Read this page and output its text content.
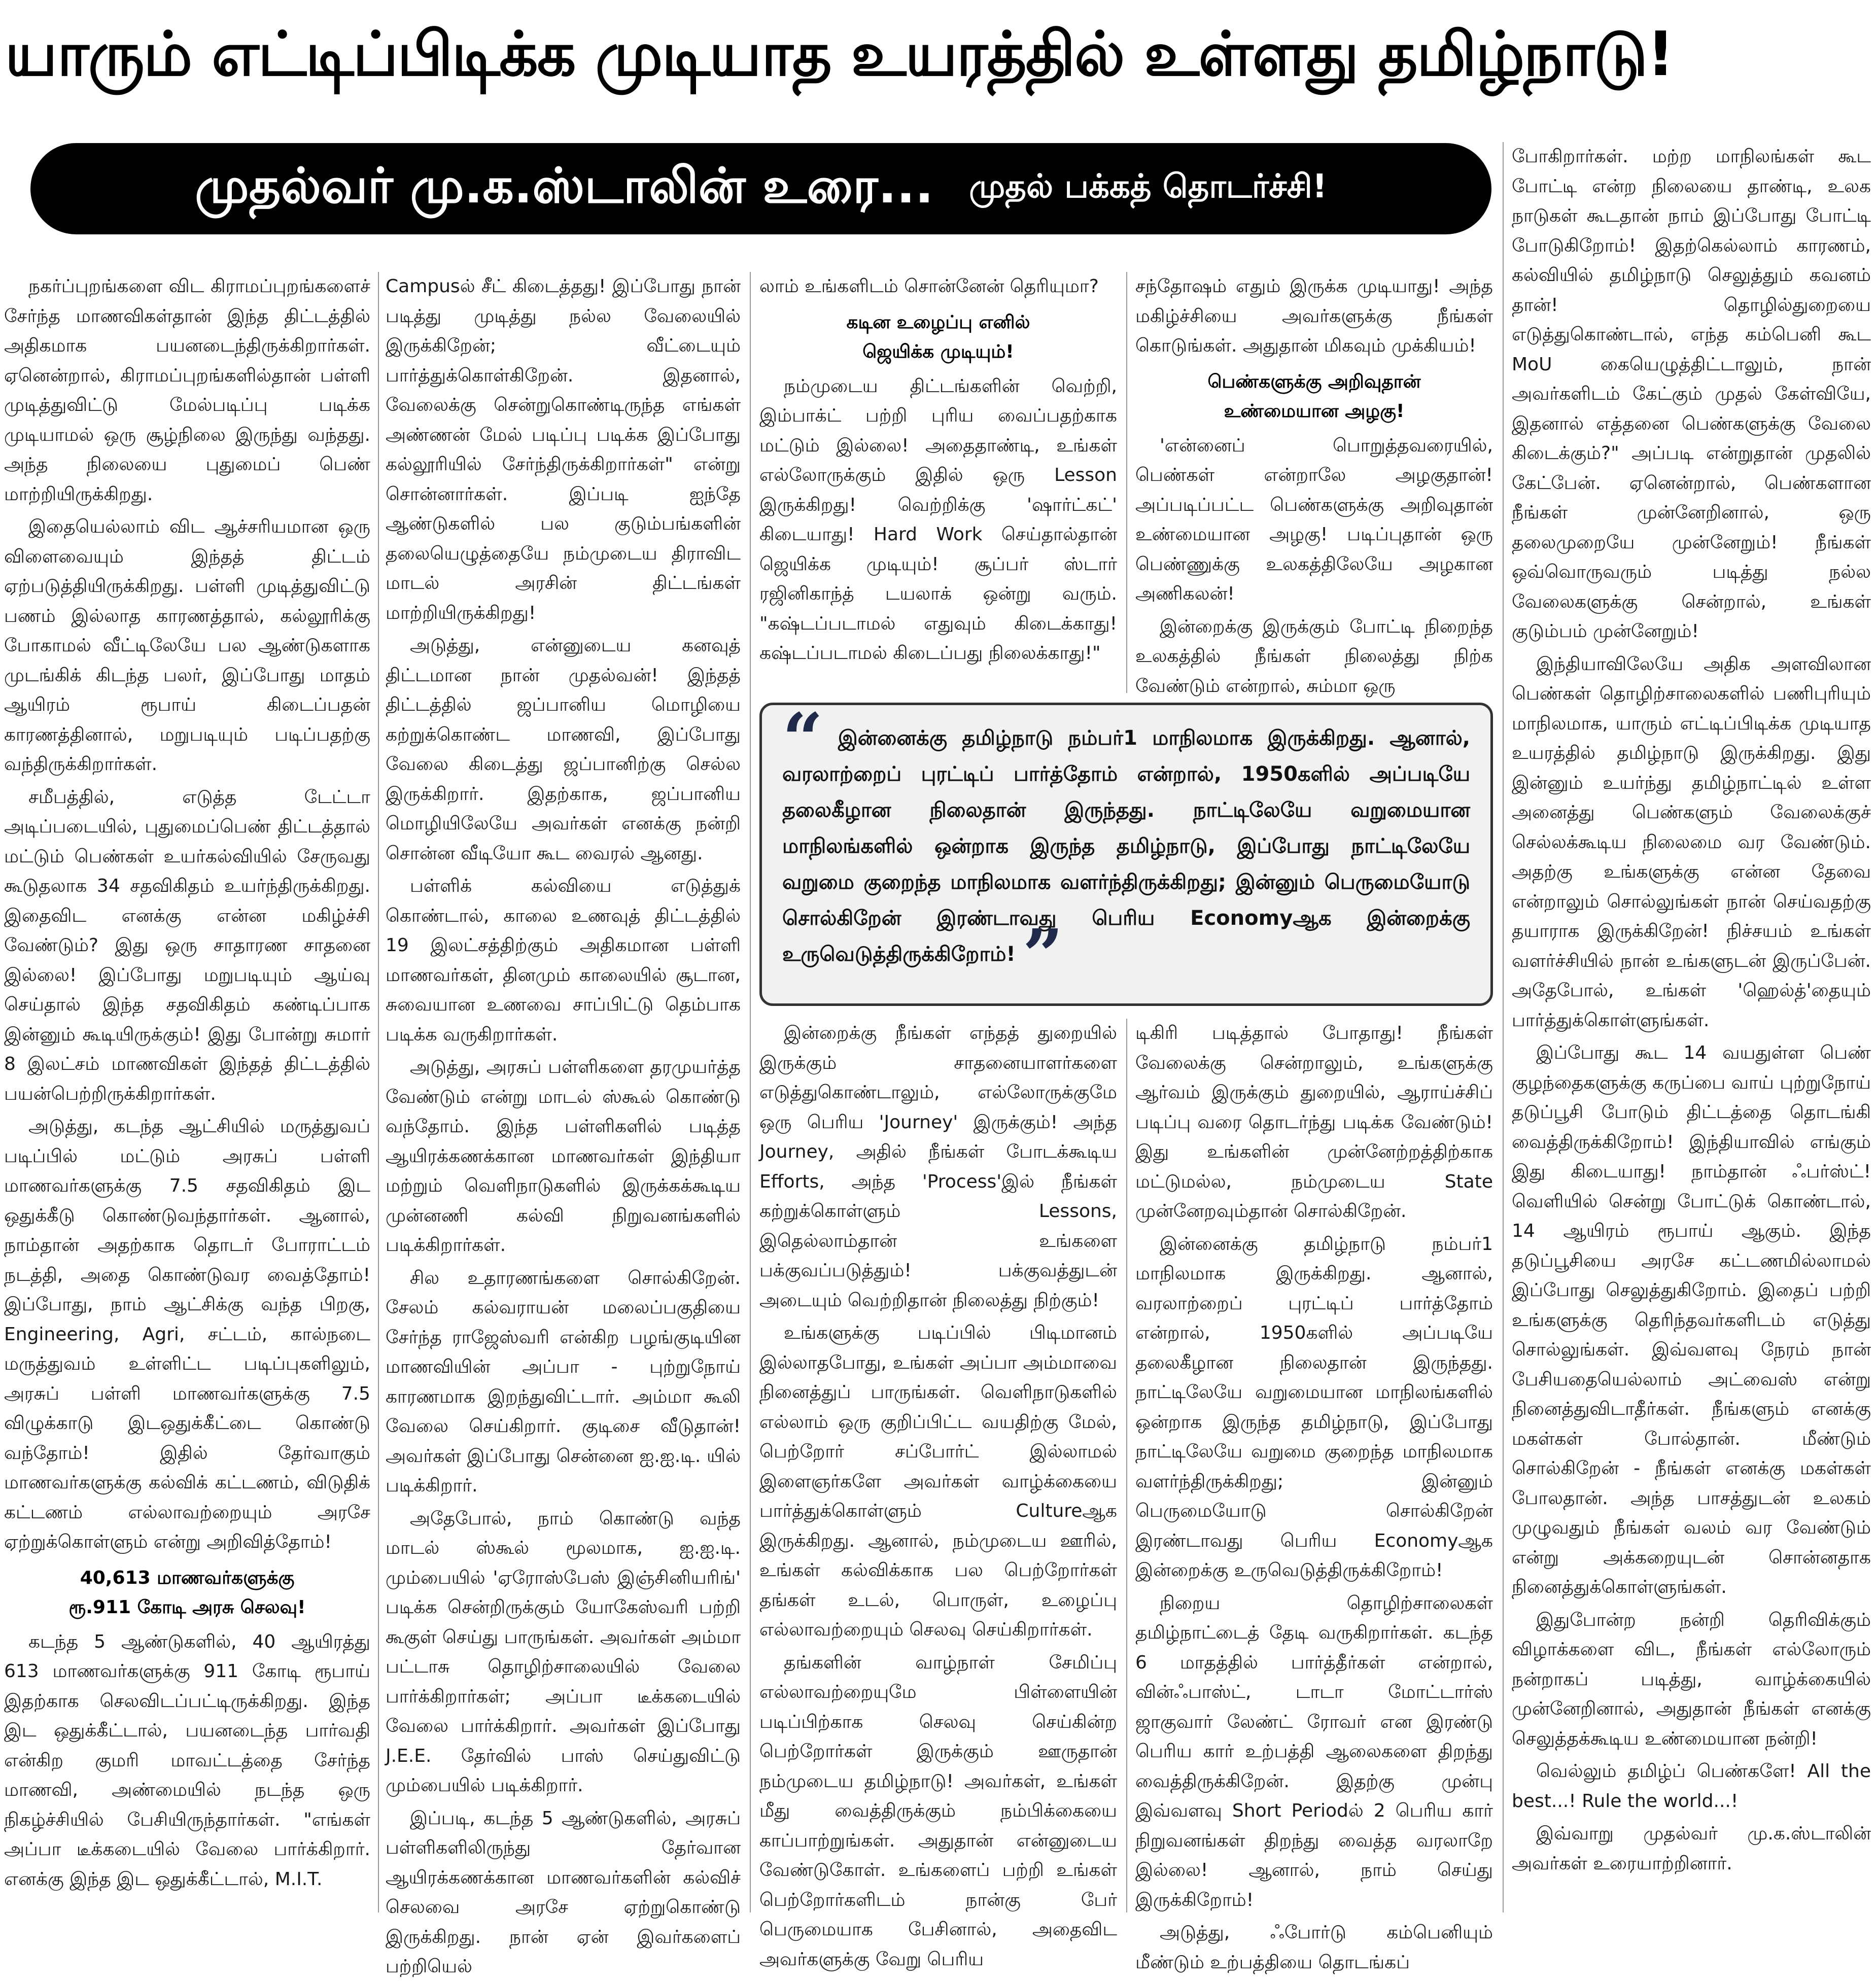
யாரும் எட்டிப்பிடிக்க முடியாத உயரத்தில் உள்ளது தமிழ்நாடு!
முதல்வர் மு.க.ஸ்டாலின் உரை... முதல் பக்கத் தொடர்ச்சி!

நகர்ப்புறங்களை விட கிராமப்புறங்களைச் சேர்ந்த மாணவிகள்தான் இந்த திட்டத்தில் அதிகமாக பயனடைந்திருக்கிறார்கள். ஏனென்றால், கிராமப்புறங்களில்தான் பள்ளி முடித்துவிட்டு மேல்படிப்பு படிக்க முடியாமல் ஒரு சூழ்நிலை இருந்து வந்தது. அந்த நிலையை புதுமைப் பெண் மாற்றியிருக்கிறது.

இதையெல்லாம் விட ஆச்சரியமான ஒரு விளைவையும் இந்தத் திட்டம் ஏற்படுத்தியிருக்கிறது. பள்ளி முடித்துவிட்டு பணம் இல்லாத காரணத்தால், கல்லூரிக்கு போகாமல் வீட்டிலேயே பல ஆண்டுகளாக முடங்கிக் கிடந்த பலர், இப்போது மாதம் ஆயிரம் ரூபாய் கிடைப்பதன் காரணத்தினால், மறுபடியும் படிப்பதற்கு வந்திருக்கிறார்கள்.

சமீபத்தில், எடுத்த டேட்டா அடிப்படையில், புதுமைப்பெண் திட்டத்தால் மட்டும் பெண்கள் உயர்கல்வியில் சேருவது கூடுதலாக 34 சதவிகிதம் உயர்ந்திருக்கிறது. இதைவிட எனக்கு என்ன மகிழ்ச்சி வேண்டும்? இது ஒரு சாதாரண சாதனை இல்லை! இப்போது மறுபடியும் ஆய்வு செய்தால் இந்த சதவிகிதம் கண்டிப்பாக இன்னும் கூடியிருக்கும்! இது போன்று சுமார் 8 இலட்சம் மாணவிகள் இந்தத் திட்டத்தில் பயன்பெற்றிருக்கிறார்கள்.

அடுத்து, கடந்த ஆட்சியில் மருத்துவப் படிப்பில் மட்டும் அரசுப் பள்ளி மாணவர்களுக்கு 7.5 சதவிகிதம் இட ஒதுக்கீடு கொண்டுவந்தார்கள். ஆனால், நாம்தான் அதற்காக தொடர் போராட்டம் நடத்தி, அதை கொண்டுவர வைத்தோம்! இப்போது, நாம் ஆட்சிக்கு வந்த பிறகு, Engineering, Agri, சட்டம், கால்நடை மருத்துவம் உள்ளிட்ட படிப்புகளிலும், அரசுப் பள்ளி மாணவர்களுக்கு 7.5 விழுக்காடு இடஒதுக்கீட்டை கொண்டு வந்தோம்! இதில் தேர்வாகும் மாணவர்களுக்கு கல்விக் கட்டணம், விடுதிக் கட்டணம் எல்லாவற்றையும் அரசே ஏற்றுக்கொள்ளும் என்று அறிவித்தோம்!

40,613 மாணவர்களுக்கு
ரூ.911 கோடி அரசு செலவு!

கடந்த 5 ஆண்டுகளில், 40 ஆயிரத்து 613 மாணவர்களுக்கு 911 கோடி ரூபாய் இதற்காக செலவிடப்பட்டிருக்கிறது. இந்த இட ஒதுக்கீட்டால், பயனடைந்த பார்வதி என்கிற குமரி மாவட்டத்தை சேர்ந்த மாணவி, அண்மையில் நடந்த ஒரு நிகழ்ச்சியில் பேசியிருந்தார்கள். "எங்கள் அப்பா டீக்கடையில் வேலை பார்க்கிறார். எனக்கு இந்த இட ஒதுக்கீட்டால், M.I.T.

Campusல் சீட் கிடைத்தது! இப்போது நான் படித்து முடித்து நல்ல வேலையில் இருக்கிறேன்; வீட்டையும் பார்த்துக்கொள்கிறேன். இதனால், வேலைக்கு சென்றுகொண்டிருந்த எங்கள் அண்ணன் மேல் படிப்பு படிக்க இப்போது கல்லூரியில் சேர்ந்திருக்கிறார்கள்" என்று சொன்னார்கள். இப்படி ஐந்தே ஆண்டுகளில் பல குடும்பங்களின் தலையெழுத்தையே நம்முடைய திராவிட மாடல் அரசின் திட்டங்கள் மாற்றியிருக்கிறது!

அடுத்து, என்னுடைய கனவுத் திட்டமான நான் முதல்வன்! இந்தத் திட்டத்தில் ஜப்பானிய மொழியை கற்றுக்கொண்ட மாணவி, இப்போது வேலை கிடைத்து ஜப்பானிற்கு செல்ல இருக்கிறார். இதற்காக, ஜப்பானிய மொழியிலேயே அவர்கள் எனக்கு நன்றி சொன்ன வீடியோ கூட வைரல் ஆனது.

பள்ளிக் கல்வியை எடுத்துக் கொண்டால், காலை உணவுத் திட்டத்தில் 19 இலட்சத்திற்கும் அதிகமான பள்ளி மாணவர்கள், தினமும் காலையில் சூடான, சுவையான உணவை சாப்பிட்டு தெம்பாக படிக்க வருகிறார்கள்.

அடுத்து, அரசுப் பள்ளிகளை தரமுயர்த்த வேண்டும் என்று மாடல் ஸ்கூல் கொண்டு வந்தோம். இந்த பள்ளிகளில் படித்த ஆயிரக்கணக்கான மாணவர்கள் இந்தியா மற்றும் வெளிநாடுகளில் இருக்கக்கூடிய முன்னணி கல்வி நிறுவனங்களில் படிக்கிறார்கள்.

சில உதாரணங்களை சொல்கிறேன். சேலம் கல்வராயன் மலைப்பகுதியை சேர்ந்த ராஜேஸ்வரி என்கிற பழங்குடியின மாணவியின் அப்பா - புற்றுநோய் காரணமாக இறந்துவிட்டார். அம்மா கூலி வேலை செய்கிறார். குடிசை வீடுதான்! அவர்கள் இப்போது சென்னை ஐ.ஐ.டி. யில் படிக்கிறார்.

அதேபோல், நாம் கொண்டு வந்த மாடல் ஸ்கூல் மூலமாக, ஐ.ஐ.டி. மும்பையில் 'ஏரோஸ்பேஸ் இஞ்சினியரிங்' படிக்க சென்றிருக்கும் யோகேஸ்வரி பற்றி கூகுள் செய்து பாருங்கள். அவர்கள் அம்மா பட்டாசு தொழிற்சாலையில் வேலை பார்க்கிறார்கள்; அப்பா டீக்கடையில் வேலை பார்க்கிறார். அவர்கள் இப்போது J.E.E. தேர்வில் பாஸ் செய்துவிட்டு மும்பையில் படிக்கிறார்.

இப்படி, கடந்த 5 ஆண்டுகளில், அரசுப் பள்ளிகளிலிருந்து தேர்வான ஆயிரக்கணக்கான மாணவர்களின் கல்விச் செலவை அரசே ஏற்றுகொண்டு இருக்கிறது. நான் ஏன் இவர்களைப் பற்றியெல்

லாம் உங்களிடம் சொன்னேன் தெரியுமா?

கடின உழைப்பு எனில்
ஜெயிக்க முடியும்!

நம்முடைய திட்டங்களின் வெற்றி, இம்பாக்ட் பற்றி புரிய வைப்பதற்காக மட்டும் இல்லை! அதைதாண்டி, உங்கள் எல்லோருக்கும் இதில் ஒரு Lesson இருக்கிறது! வெற்றிக்கு 'ஷார்ட்கட்' கிடையாது! Hard Work செய்தால்தான் ஜெயிக்க முடியும்! சூப்பர் ஸ்டார் ரஜினிகாந்த் டயலாக் ஒன்று வரும். "கஷ்டப்படாமல் எதுவும் கிடைக்காது! கஷ்டப்படாமல் கிடைப்பது நிலைக்காது!"

சந்தோஷம் எதும் இருக்க முடியாது! அந்த மகிழ்ச்சியை அவர்களுக்கு நீங்கள் கொடுங்கள். அதுதான் மிகவும் முக்கியம்!

பெண்களுக்கு அறிவுதான்
உண்மையான அழகு!

'என்னைப் பொறுத்தவரையில், பெண்கள் என்றாலே அழகுதான்! அப்படிப்பட்ட பெண்களுக்கு அறிவுதான் உண்மையான அழகு! படிப்புதான் ஒரு பெண்ணுக்கு உலகத்திலேயே அழகான அணிகலன்!

இன்றைக்கு இருக்கும் போட்டி நிறைந்த உலகத்தில் நீங்கள் நிலைத்து நிற்க வேண்டும் என்றால், சும்மா ஒரு

“ இன்னைக்கு தமிழ்நாடு நம்பர்1 மாநிலமாக இருக்கிறது. ஆனால், வரலாற்றைப் புரட்டிப் பார்த்தோம் என்றால், 1950களில் அப்படியே தலைகீழான நிலைதான் இருந்தது. நாட்டிலேயே வறுமையான மாநிலங்களில் ஒன்றாக இருந்த தமிழ்நாடு, இப்போது நாட்டிலேயே வறுமை குறைந்த மாநிலமாக வளர்ந்திருக்கிறது; இன்னும் பெருமையோடு சொல்கிறேன் இரண்டாவது பெரிய Economyஆக இன்றைக்கு உருவெடுத்திருக்கிறோம்! ”

இன்றைக்கு நீங்கள் எந்தத் துறையில் இருக்கும் சாதனையாளர்களை எடுத்துகொண்டாலும், எல்லோருக்குமே ஒரு பெரிய 'Journey' இருக்கும்! அந்த Journey, அதில் நீங்கள் போடக்கூடிய Efforts, அந்த 'Process'இல் நீங்கள் கற்றுக்கொள்ளும் Lessons, இதெல்லாம்தான் உங்களை பக்குவப்படுத்தும்! பக்குவத்துடன் அடையும் வெற்றிதான் நிலைத்து நிற்கும்!

உங்களுக்கு படிப்பில் பிடிமானம் இல்லாதபோது, உங்கள் அப்பா அம்மாவை நினைத்துப் பாருங்கள். வெளிநாடுகளில் எல்லாம் ஒரு குறிப்பிட்ட வயதிற்கு மேல், பெற்றோர் சப்போர்ட் இல்லாமல் இளைஞர்களே அவர்கள் வாழ்க்கையை பார்த்துக்கொள்ளும் Cultureஆக இருக்கிறது. ஆனால், நம்முடைய ஊரில், உங்கள் கல்விக்காக பல பெற்றோர்கள் தங்கள் உடல், பொருள், உழைப்பு எல்லாவற்றையும் செலவு செய்கிறார்கள்.

தங்களின் வாழ்நாள் சேமிப்பு எல்லாவற்றையுமே பிள்ளையின் படிப்பிற்காக செலவு செய்கின்ற பெற்றோர்கள் இருக்கும் ஊருதான் நம்முடைய தமிழ்நாடு! அவர்கள், உங்கள் மீது வைத்திருக்கும் நம்பிக்கையை காப்பாற்றுங்கள். அதுதான் என்னுடைய வேண்டுகோள். உங்களைப் பற்றி உங்கள் பெற்றோர்களிடம் நான்கு பேர் பெருமையாக பேசினால், அதைவிட அவர்களுக்கு வேறு பெரிய

டிகிரி படித்தால் போதாது! நீங்கள் வேலைக்கு சென்றாலும், உங்களுக்கு ஆர்வம் இருக்கும் துறையில், ஆராய்ச்சிப் படிப்பு வரை தொடர்ந்து படிக்க வேண்டும்! இது உங்களின் முன்னேற்றத்திற்காக மட்டுமல்ல, நம்முடைய State முன்னேறவும்தான் சொல்கிறேன்.

இன்னைக்கு தமிழ்நாடு நம்பர்1 மாநிலமாக இருக்கிறது. ஆனால், வரலாற்றைப் புரட்டிப் பார்த்தோம் என்றால், 1950களில் அப்படியே தலைகீழான நிலைதான் இருந்தது. நாட்டிலேயே வறுமையான மாநிலங்களில் ஒன்றாக இருந்த தமிழ்நாடு, இப்போது நாட்டிலேயே வறுமை குறைந்த மாநிலமாக வளர்ந்திருக்கிறது; இன்னும் பெருமையோடு சொல்கிறேன் இரண்டாவது பெரிய Economyஆக இன்றைக்கு உருவெடுத்திருக்கிறோம்!

நிறைய தொழிற்சாலைகள் தமிழ்நாட்டைத் தேடி வருகிறார்கள். கடந்த 6 மாதத்தில் பார்த்தீர்கள் என்றால், வின்ஃபாஸ்ட், டாடா மோட்டார்ஸ் ஜாகுவார் லேண்ட் ரோவர் என இரண்டு பெரிய கார் உற்பத்தி ஆலைகளை திறந்து வைத்திருக்கிறேன். இதற்கு முன்பு இவ்வளவு Short Periodல் 2 பெரிய கார் நிறுவனங்கள் திறந்து வைத்த வரலாறே இல்லை! ஆனால், நாம் செய்து இருக்கிறோம்!

அடுத்து, ஃபோர்டு கம்பெனியும் மீண்டும் உற்பத்தியை தொடங்கப்

போகிறார்கள். மற்ற மாநிலங்கள் கூட போட்டி என்ற நிலையை தாண்டி, உலக நாடுகள் கூடதான் நாம் இப்போது போட்டி போடுகிறோம்! இதற்கெல்லாம் காரணம், கல்வியில் தமிழ்நாடு செலுத்தும் கவனம் தான்! தொழில்துறையை எடுத்துகொண்டால், எந்த கம்பெனி கூட MoU கையெழுத்திட்டாலும், நான் அவர்களிடம் கேட்கும் முதல் கேள்வியே, இதனால் எத்தனை பெண்களுக்கு வேலை கிடைக்கும்?" அப்படி என்றுதான் முதலில் கேட்பேன். ஏனென்றால், பெண்களான நீங்கள் முன்னேறினால், ஒரு தலைமுறையே முன்னேறும்! நீங்கள் ஒவ்வொருவரும் படித்து நல்ல வேலைகளுக்கு சென்றால், உங்கள் குடும்பம் முன்னேறும்!

இந்தியாவிலேயே அதிக அளவிலான பெண்கள் தொழிற்சாலைகளில் பணிபுரியும் மாநிலமாக, யாரும் எட்டிப்பிடிக்க முடியாத உயரத்தில் தமிழ்நாடு இருக்கிறது. இது இன்னும் உயர்ந்து தமிழ்நாட்டில் உள்ள அனைத்து பெண்களும் வேலைக்குச் செல்லக்கூடிய நிலைமை வர வேண்டும். அதற்கு உங்களுக்கு என்ன தேவை என்றாலும் சொல்லுங்கள் நான் செய்வதற்கு தயாராக இருக்கிறேன்! நிச்சயம் உங்கள் வளர்ச்சியில் நான் உங்களுடன் இருப்பேன். அதேபோல், உங்கள் 'ஹெல்த்'தையும் பார்த்துக்கொள்ளுங்கள்.

இப்போது கூட 14 வயதுள்ள பெண் குழந்தைகளுக்கு கருப்பை வாய் புற்றுநோய் தடுப்பூசி போடும் திட்டத்தை தொடங்கி வைத்திருக்கிறோம்! இந்தியாவில் எங்கும் இது கிடையாது! நாம்தான் ஃபர்ஸ்ட்! வெளியில் சென்று போட்டுக் கொண்டால், 14 ஆயிரம் ரூபாய் ஆகும். இந்த தடுப்பூசியை அரசே கட்டணமில்லாமல் இப்போது செலுத்துகிறோம். இதைப் பற்றி உங்களுக்கு தெரிந்தவர்களிடம் எடுத்து சொல்லுங்கள். இவ்வளவு நேரம் நான் பேசியதையெல்லாம் அட்வைஸ் என்று நினைத்துவிடாதீர்கள். நீங்களும் எனக்கு மகள்கள் போல்தான். மீண்டும் சொல்கிறேன் - நீங்கள் எனக்கு மகள்கள் போலதான். அந்த பாசத்துடன் உலகம் முழுவதும் நீங்கள் வலம் வர வேண்டும் என்று அக்கறையுடன் சொன்னதாக நினைத்துக்கொள்ளுங்கள்.

இதுபோன்ற நன்றி தெரிவிக்கும் விழாக்களை விட, நீங்கள் எல்லோரும் நன்றாகப் படித்து, வாழ்க்கையில் முன்னேறினால், அதுதான் நீங்கள் எனக்கு செலுத்தக்கூடிய உண்மையான நன்றி!

வெல்லும் தமிழ்ப் பெண்களே! All the best...! Rule the world...!

இவ்வாறு முதல்வர் மு.க.ஸ்டாலின் அவர்கள் உரையாற்றினார்.
